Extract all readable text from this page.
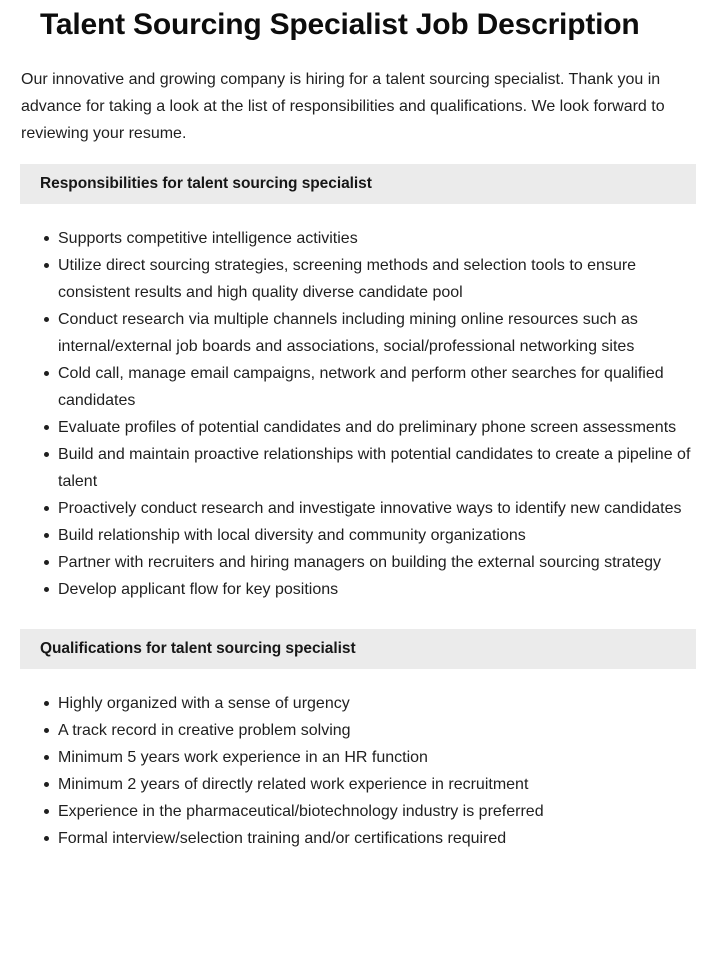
Talent Sourcing Specialist Job Description

Our innovative and growing company is hiring for a talent sourcing specialist. Thank you in advance for taking a look at the list of responsibilities and qualifications. We look forward to reviewing your resume.

Responsibilities for talent sourcing specialist
Supports competitive intelligence activities
Utilize direct sourcing strategies, screening methods and selection tools to ensure consistent results and high quality diverse candidate pool
Conduct research via multiple channels including mining online resources such as internal/external job boards and associations, social/professional networking sites
Cold call, manage email campaigns, network and perform other searches for qualified candidates
Evaluate profiles of potential candidates and do preliminary phone screen assessments
Build and maintain proactive relationships with potential candidates to create a pipeline of talent
Proactively conduct research and investigate innovative ways to identify new candidates
Build relationship with local diversity and community organizations
Partner with recruiters and hiring managers on building the external sourcing strategy
Develop applicant flow for key positions
Qualifications for talent sourcing specialist
Highly organized with a sense of urgency
A track record in creative problem solving
Minimum 5 years work experience in an HR function
Minimum 2 years of directly related work experience in recruitment
Experience in the pharmaceutical/biotechnology industry is preferred
Formal interview/selection training and/or certifications required
